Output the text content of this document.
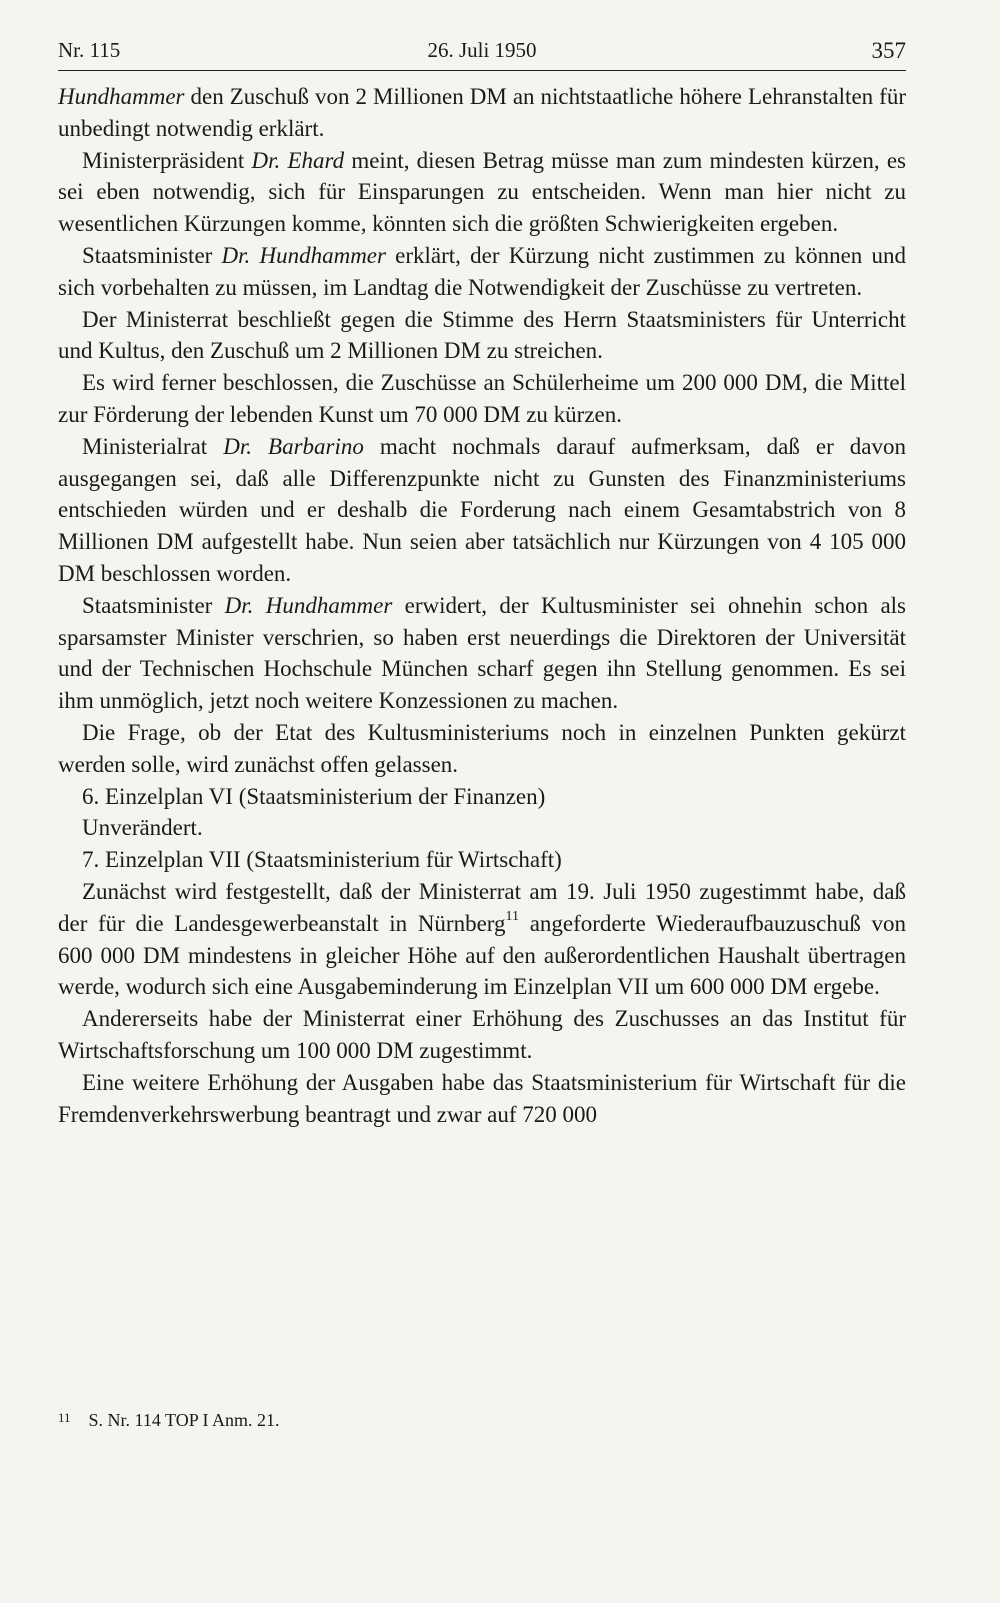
Nr. 115	26. Juli 1950	357

Hundhammer den Zuschuß von 2 Millionen DM an nichtstaatliche höhere Lehranstalten für unbedingt notwendig erklärt.

Ministerpräsident Dr. Ehard meint, diesen Betrag müsse man zum mindesten kürzen, es sei eben notwendig, sich für Einsparungen zu entscheiden. Wenn man hier nicht zu wesentlichen Kürzungen komme, könnten sich die größten Schwierigkeiten ergeben.

Staatsminister Dr. Hundhammer erklärt, der Kürzung nicht zustimmen zu können und sich vorbehalten zu müssen, im Landtag die Notwendigkeit der Zuschüsse zu vertreten.

Der Ministerrat beschließt gegen die Stimme des Herrn Staatsministers für Unterricht und Kultus, den Zuschuß um 2 Millionen DM zu streichen.

Es wird ferner beschlossen, die Zuschüsse an Schülerheime um 200 000 DM, die Mittel zur Förderung der lebenden Kunst um 70 000 DM zu kürzen.

Ministerialrat Dr. Barbarino macht nochmals darauf aufmerksam, daß er davon ausgegangen sei, daß alle Differenzpunkte nicht zu Gunsten des Finanzministeriums entschieden würden und er deshalb die Forderung nach einem Gesamtabstrich von 8 Millionen DM aufgestellt habe. Nun seien aber tatsächlich nur Kürzungen von 4 105 000 DM beschlossen worden.

Staatsminister Dr. Hundhammer erwidert, der Kultusminister sei ohnehin schon als sparsamster Minister verschrien, so haben erst neuerdings die Direktoren der Universität und der Technischen Hochschule München scharf gegen ihn Stellung genommen. Es sei ihm unmöglich, jetzt noch weitere Konzessionen zu machen.

Die Frage, ob der Etat des Kultusministeriums noch in einzelnen Punkten gekürzt werden solle, wird zunächst offen gelassen.

6. Einzelplan VI (Staatsministerium der Finanzen)

Unverändert.

7. Einzelplan VII (Staatsministerium für Wirtschaft)

Zunächst wird festgestellt, daß der Ministerrat am 19. Juli 1950 zugestimmt habe, daß der für die Landesgewerbeanstalt in Nürnberg$^{11}$ angeforderte Wiederaufbauzuschuß von 600 000 DM mindestens in gleicher Höhe auf den außerordentlichen Haushalt übertragen werde, wodurch sich eine Ausgabeminderung im Einzelplan VII um 600 000 DM ergebe.

Andererseits habe der Ministerrat einer Erhöhung des Zuschusses an das Institut für Wirtschaftsforschung um 100 000 DM zugestimmt.

Eine weitere Erhöhung der Ausgaben habe das Staatsministerium für Wirtschaft für die Fremdenverkehrswerbung beantragt und zwar auf 720 000

$^{11}$ S. Nr. 114 TOP I Anm. 21.
